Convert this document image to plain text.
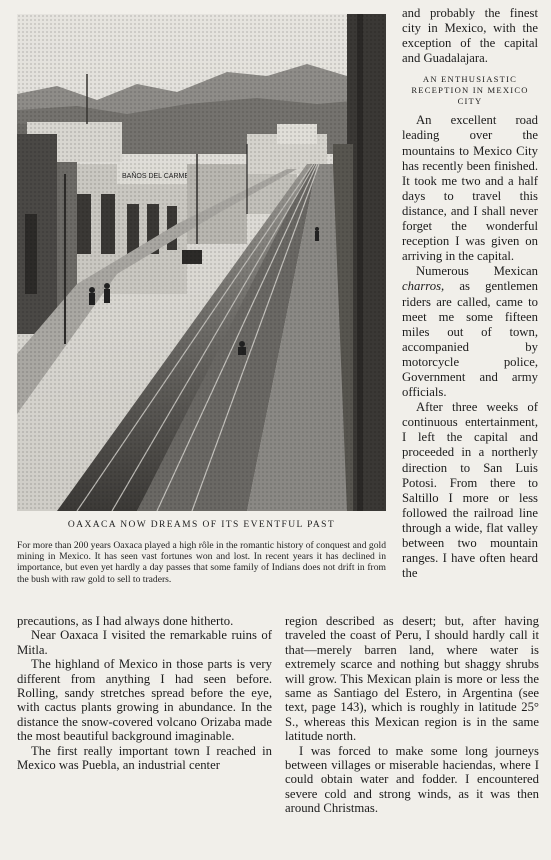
OAXACA NOW DREAMS OF ITS EVENTFUL PAST
For more than 200 years Oaxaca played a high rôle in the romantic history of conquest and gold mining in Mexico. It has seen vast fortunes won and lost. In recent years it has declined in importance, but even yet hardly a day passes that some family of Indians does not drift in from the bush with raw gold to sell to traders.

and probably the finest city in Mexico, with the exception of the capital and Guadalajara.

AN ENTHUSIASTIC RECEPTION IN MEXICO CITY

An excellent road leading over the mountains to Mexico City has recently been finished. It took me two and a half days to travel this distance, and I shall never forget the wonderful reception I was given on arriving in the capital.

Numerous Mexican charros, as gentlemen riders are called, came to meet me some fifteen miles out of town, accompanied by motorcycle police, Government and army officials.

After three weeks of continuous entertainment, I left the capital and proceeded in a northerly direction to San Luis Potosi. From there to Saltillo I more or less followed the railroad line through a wide, flat valley between two mountain ranges. I have often heard the

precautions, as I had always done hitherto.

Near Oaxaca I visited the remarkable ruins of Mitla.

The highland of Mexico in those parts is very different from anything I had seen before. Rolling, sandy stretches spread before the eye, with cactus plants growing in abundance. In the distance the snow-covered volcano Orizaba made the most beautiful background imaginable.

The first really important town I reached in Mexico was Puebla, an industrial center

region described as desert; but, after having traveled the coast of Peru, I should hardly call it that—merely barren land, where water is extremely scarce and nothing but shaggy shrubs will grow. This Mexican plain is more or less the same as Santiago del Estero, in Argentina (see text, page 143), which is roughly in latitude 25° S., whereas this Mexican region is in the same latitude north.

I was forced to make some long journeys between villages or miserable haciendas, where I could obtain water and fodder. I encountered severe cold and strong winds, as it was then around Christmas.
